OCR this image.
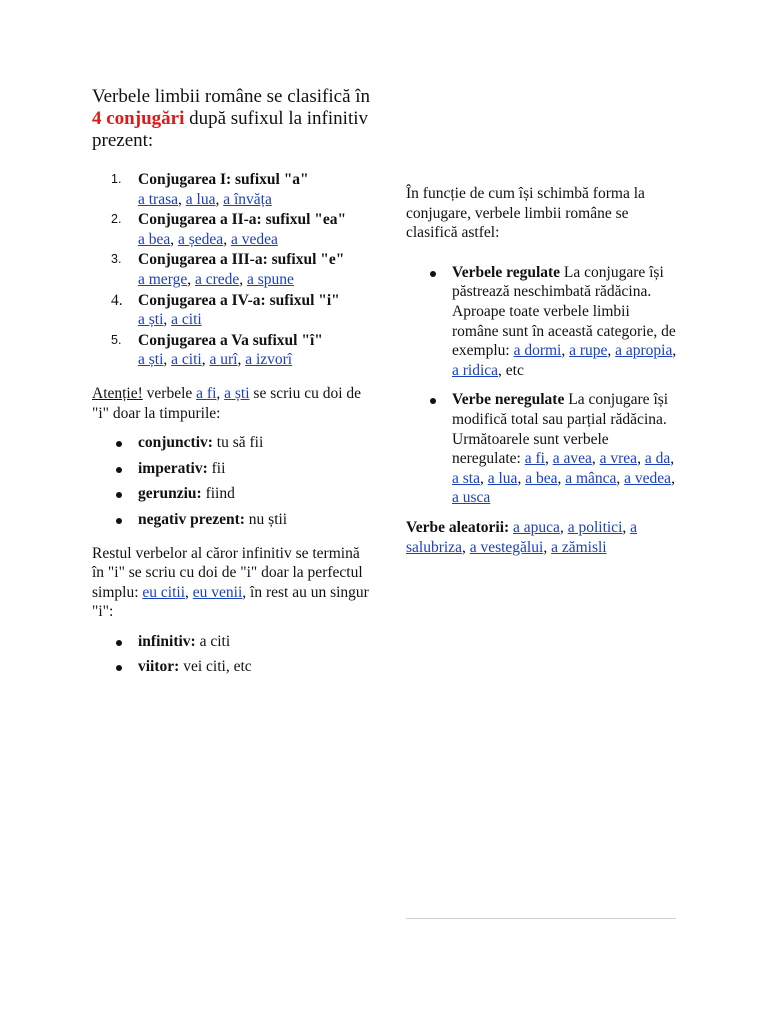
Verbele limbii române se clasifică în 4 conjugări după sufixul la infinitiv prezent:

1. Conjugarea I: sufixul "a"
a trasa, a lua, a învăța
2. Conjugarea a II-a: sufixul "ea"
a bea, a ședea, a vedea
3. Conjugarea a III-a: sufixul "e"
a merge, a crede, a spune
4. Conjugarea a IV-a: sufixul "i"
a ști, a citi
5. Conjugarea a Va sufixul "î"
a ști, a citi, a urî, a izvorî

Atenție! verbele a fi, a ști se scriu cu doi de "i" doar la timpurile:

conjunctiv: tu să fii
imperativ: fii
gerunziu: fiind
negativ prezent: nu știi

Restul verbelor al căror infinitiv se termină în "i" se scriu cu doi de "i" doar la perfectul simplu: eu citii, eu venii, în rest au un singur "i":

infinitiv: a citi
viitor: vei citi, etc

În funcție de cum își schimbă forma la conjugare, verbele limbii române se clasifică astfel:

Verbele regulate La conjugare își păstrează neschimbată rădăcina. Aproape toate verbele limbii române sunt în această categorie, de exemplu: a dormi, a rupe, a apropia, a ridica, etc
Verbe neregulate La conjugare își modifică total sau parțial rădăcina. Următoarele sunt verbele neregulate: a fi, a avea, a vrea, a da, a sta, a lua, a bea, a mânca, a vedea, a usca

Verbe aleatorii: a apuca, a politici, a salubriza, a vestegălui, a zămisli
